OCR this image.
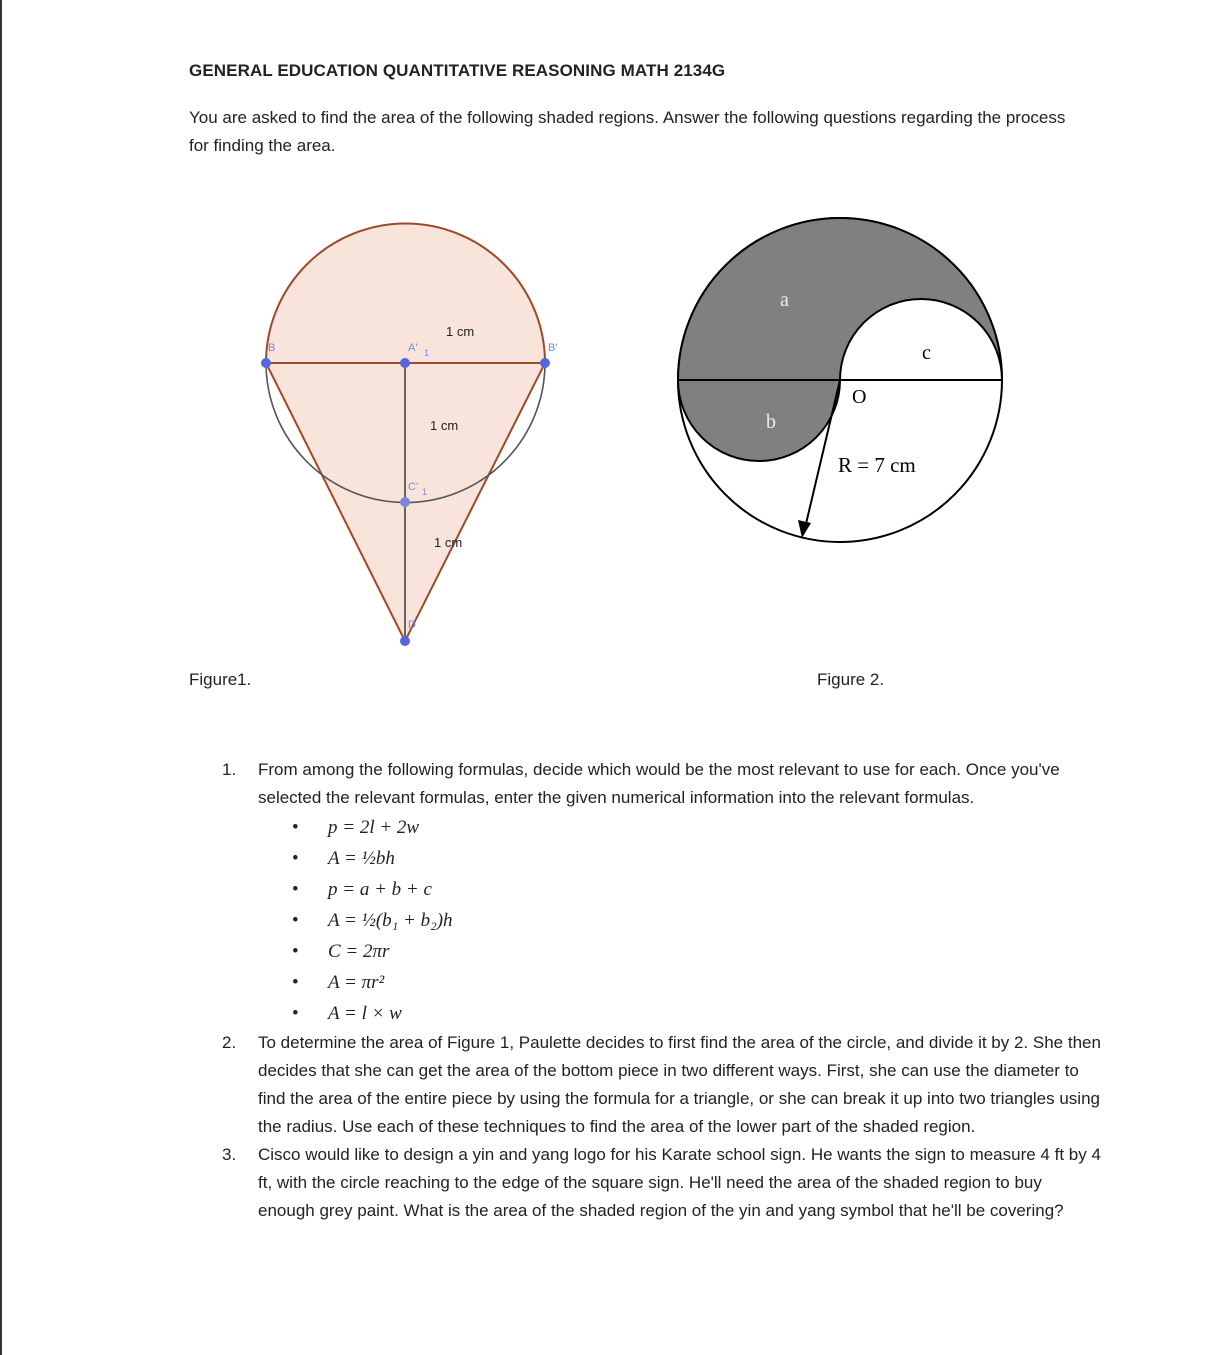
GENERAL EDUCATION QUANTITATIVE REASONING MATH 2134G
You are asked to find the area of the following shaded regions. Answer the following questions regarding the process for finding the area.
B	A' 1	B'
C' 1
D
1 cm
1 cm
1 cm
a
b
c
O
R = 7 cm
Figure1.	Figure 2.
1. From among the following formulas, decide which would be the most relevant to use for each. Once you've selected the relevant formulas, enter the given numerical information into the relevant formulas.
• p = 2l + 2w
• A = ½bh
• p = a + b + c
• A = ½(b₁ + b₂)h
• C = 2πr
• A = πr²
• A = l × w
2. To determine the area of Figure 1, Paulette decides to first find the area of the circle, and divide it by 2. She then decides that she can get the area of the bottom piece in two different ways. First, she can use the diameter to find the area of the entire piece by using the formula for a triangle, or she can break it up into two triangles using the radius. Use each of these techniques to find the area of the lower part of the shaded region.
3. Cisco would like to design a yin and yang logo for his Karate school sign. He wants the sign to measure 4 ft by 4 ft, with the circle reaching to the edge of the square sign. He'll need the area of the shaded region to buy enough grey paint. What is the area of the shaded region of the yin and yang symbol that he'll be covering?
